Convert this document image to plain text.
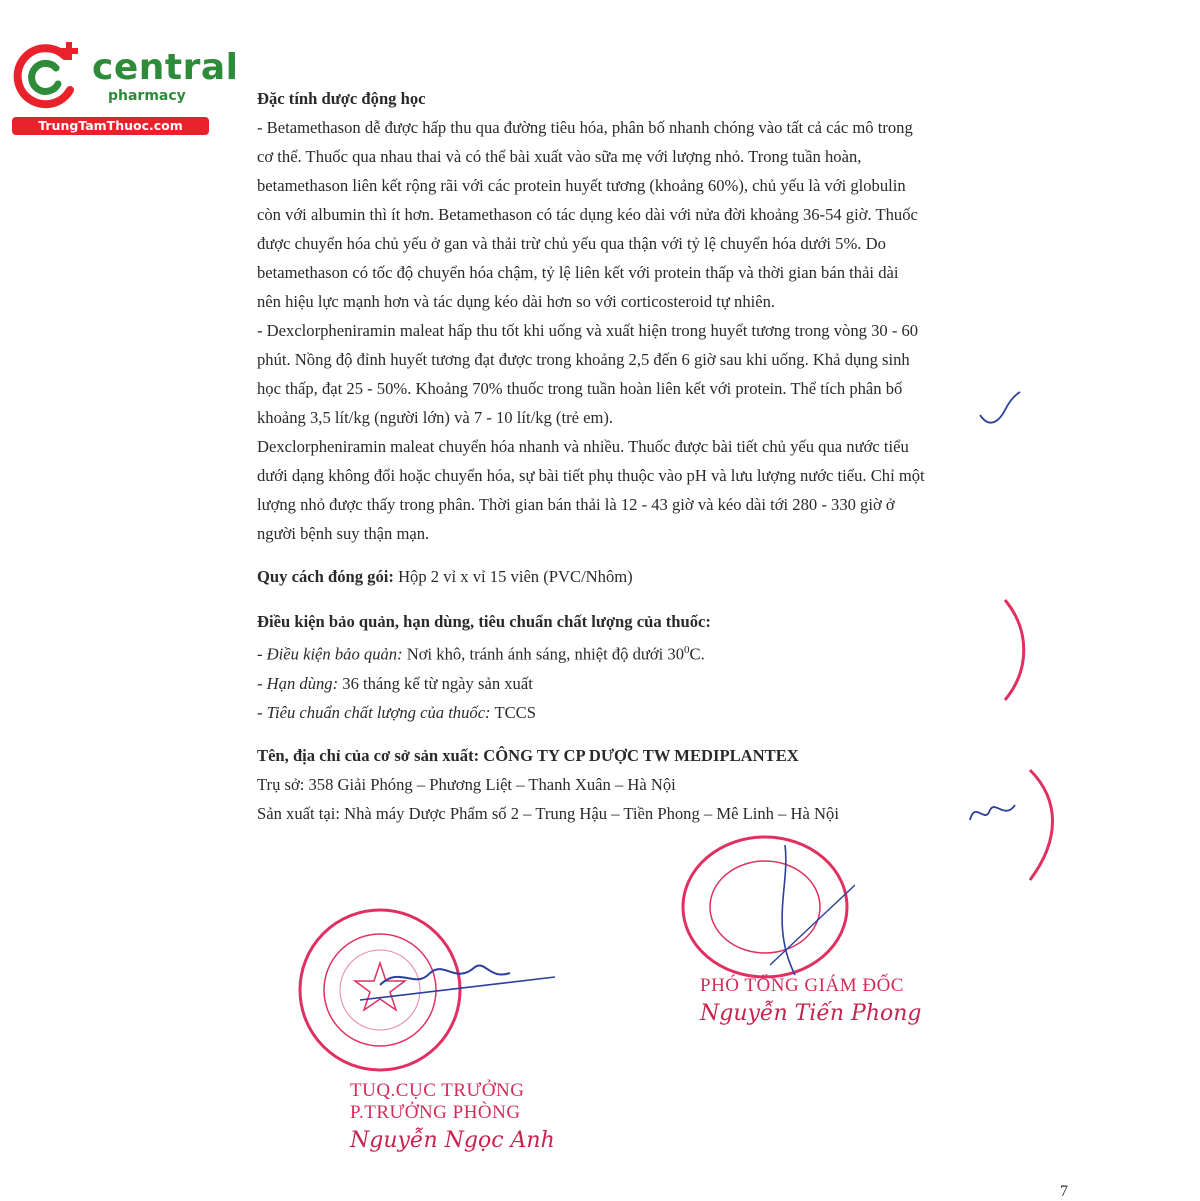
central
pharmacy
TrungTamThuoc.com

Đặc tính dược động học

- Betamethason dễ được hấp thu qua đường tiêu hóa, phân bố nhanh chóng vào tất cả các mô trong

cơ thể. Thuốc qua nhau thai và có thể bài xuất vào sữa mẹ với lượng nhỏ. Trong tuần hoàn,

betamethason liên kết rộng rãi với các protein huyết tương (khoảng 60%), chủ yếu là với globulin

còn với albumin thì ít hơn. Betamethason có tác dụng kéo dài với nửa đời khoảng 36-54 giờ. Thuốc

được chuyển hóa chủ yếu ở gan và thải trừ chủ yếu qua thận với tỷ lệ chuyển hóa dưới 5%. Do

betamethason có tốc độ chuyển hóa chậm, tỷ lệ liên kết với protein thấp và thời gian bán thải dài

nên hiệu lực mạnh hơn và tác dụng kéo dài hơn so với corticosteroid tự nhiên.

- Dexclorpheniramin maleat hấp thu tốt khi uống và xuất hiện trong huyết tương trong vòng 30 - 60

phút. Nồng độ đỉnh huyết tương đạt được trong khoảng 2,5 đến 6 giờ sau khi uống. Khả dụng sinh

học thấp, đạt 25 - 50%. Khoảng 70% thuốc trong tuần hoàn liên kết với protein. Thể tích phân bố

khoảng 3,5 lít/kg (người lớn) và 7 - 10 lít/kg (trẻ em).

Dexclorpheniramin maleat chuyển hóa nhanh và nhiều. Thuốc được bài tiết chủ yếu qua nước tiểu

dưới dạng không đổi hoặc chuyển hóa, sự bài tiết phụ thuộc vào pH và lưu lượng nước tiểu. Chỉ một

lượng nhỏ được thấy trong phân. Thời gian bán thải là 12 - 43 giờ và kéo dài tới 280 - 330 giờ ở

người bệnh suy thận mạn.

Quy cách đóng gói: Hộp 2 vỉ x vỉ 15 viên (PVC/Nhôm)

Điều kiện bảo quản, hạn dùng, tiêu chuẩn chất lượng của thuốc:

- Điều kiện bảo quản: Nơi khô, tránh ánh sáng, nhiệt độ dưới $30^0C$.

- Hạn dùng: 36 tháng kể từ ngày sản xuất

- Tiêu chuẩn chất lượng của thuốc: TCCS

Tên, địa chỉ của cơ sở sản xuất: CÔNG TY CP DƯỢC TW MEDIPLANTEX

Trụ sở: 358 Giải Phóng – Phương Liệt – Thanh Xuân – Hà Nội

Sản xuất tại: Nhà máy Dược Phẩm số 2 – Trung Hậu – Tiền Phong – Mê Linh – Hà Nội

PHÓ TỔNG GIÁM ĐỐC
Nguyễn Tiến Phong
TUQ.CỤC TRƯỞNG
P.TRƯỞNG PHÒNG
Nguyễn Ngọc Anh
7
